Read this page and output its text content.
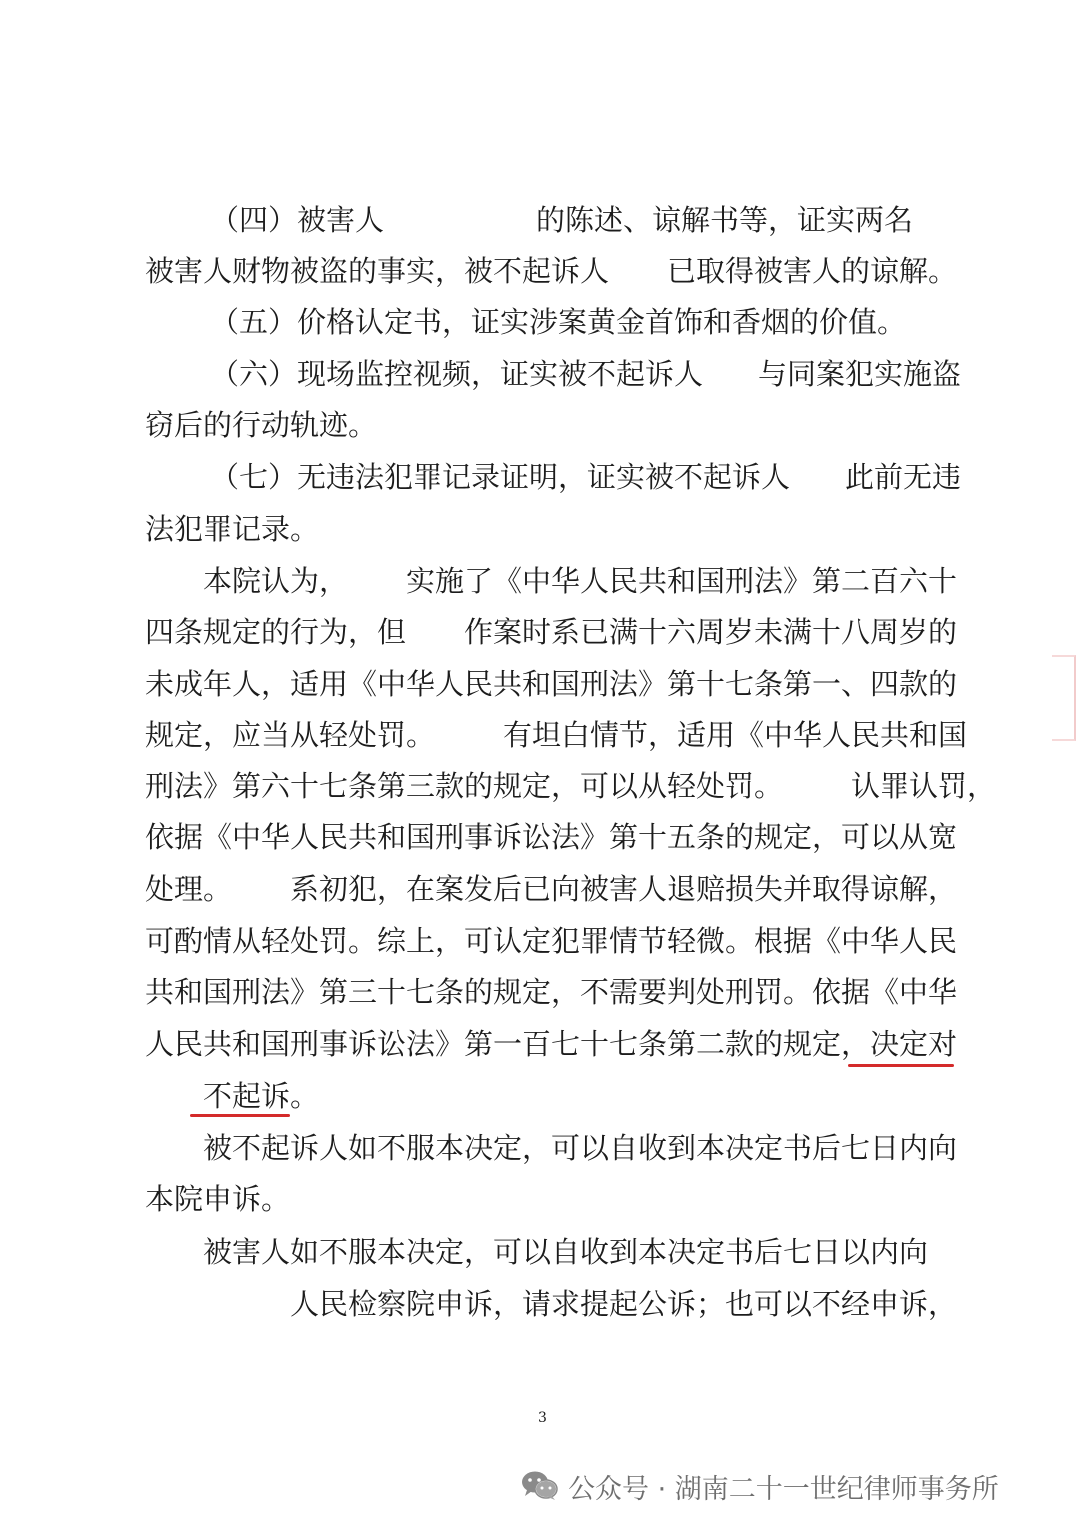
（四）被害人	的陈述、谅解书等，证实两名
被害人财物被盗的事实，被不起诉人 已取得被害人的谅解。
（五）价格认定书，证实涉案黄金首饰和香烟的价值。
（六）现场监控视频，证实被不起诉人 与同案犯实施盗
窃后的行动轨迹。
（七）无违法犯罪记录证明，证实被不起诉人 此前无违
法犯罪记录。
本院认为， 实施了《中华人民共和国刑法》第二百六十
四条规定的行为，但 作案时系已满十六周岁未满十八周岁的
未成年人，适用《中华人民共和国刑法》第十七条第一、四款的
规定，应当从轻处罚。 有坦白情节，适用《中华人民共和国
刑法》第六十七条第三款的规定，可以从轻处罚。 认罪认罚，
依据《中华人民共和国刑事诉讼法》第十五条的规定，可以从宽
处理。 系初犯，在案发后已向被害人退赔损失并取得谅解，
可酌情从轻处罚。综上，可认定犯罪情节轻微。根据《中华人民
共和国刑法》第三十七条的规定，不需要判处刑罚。依据《中华
人民共和国刑事诉讼法》第一百七十七条第二款的规定，决定对
不起诉。
被不起诉人如不服本决定，可以自收到本决定书后七日内向
本院申诉。
被害人如不服本决定，可以自收到本决定书后七日以内向
人民检察院申诉，请求提起公诉；也可以不经申诉，
3
公众号 · 湖南二十一世纪律师事务所
